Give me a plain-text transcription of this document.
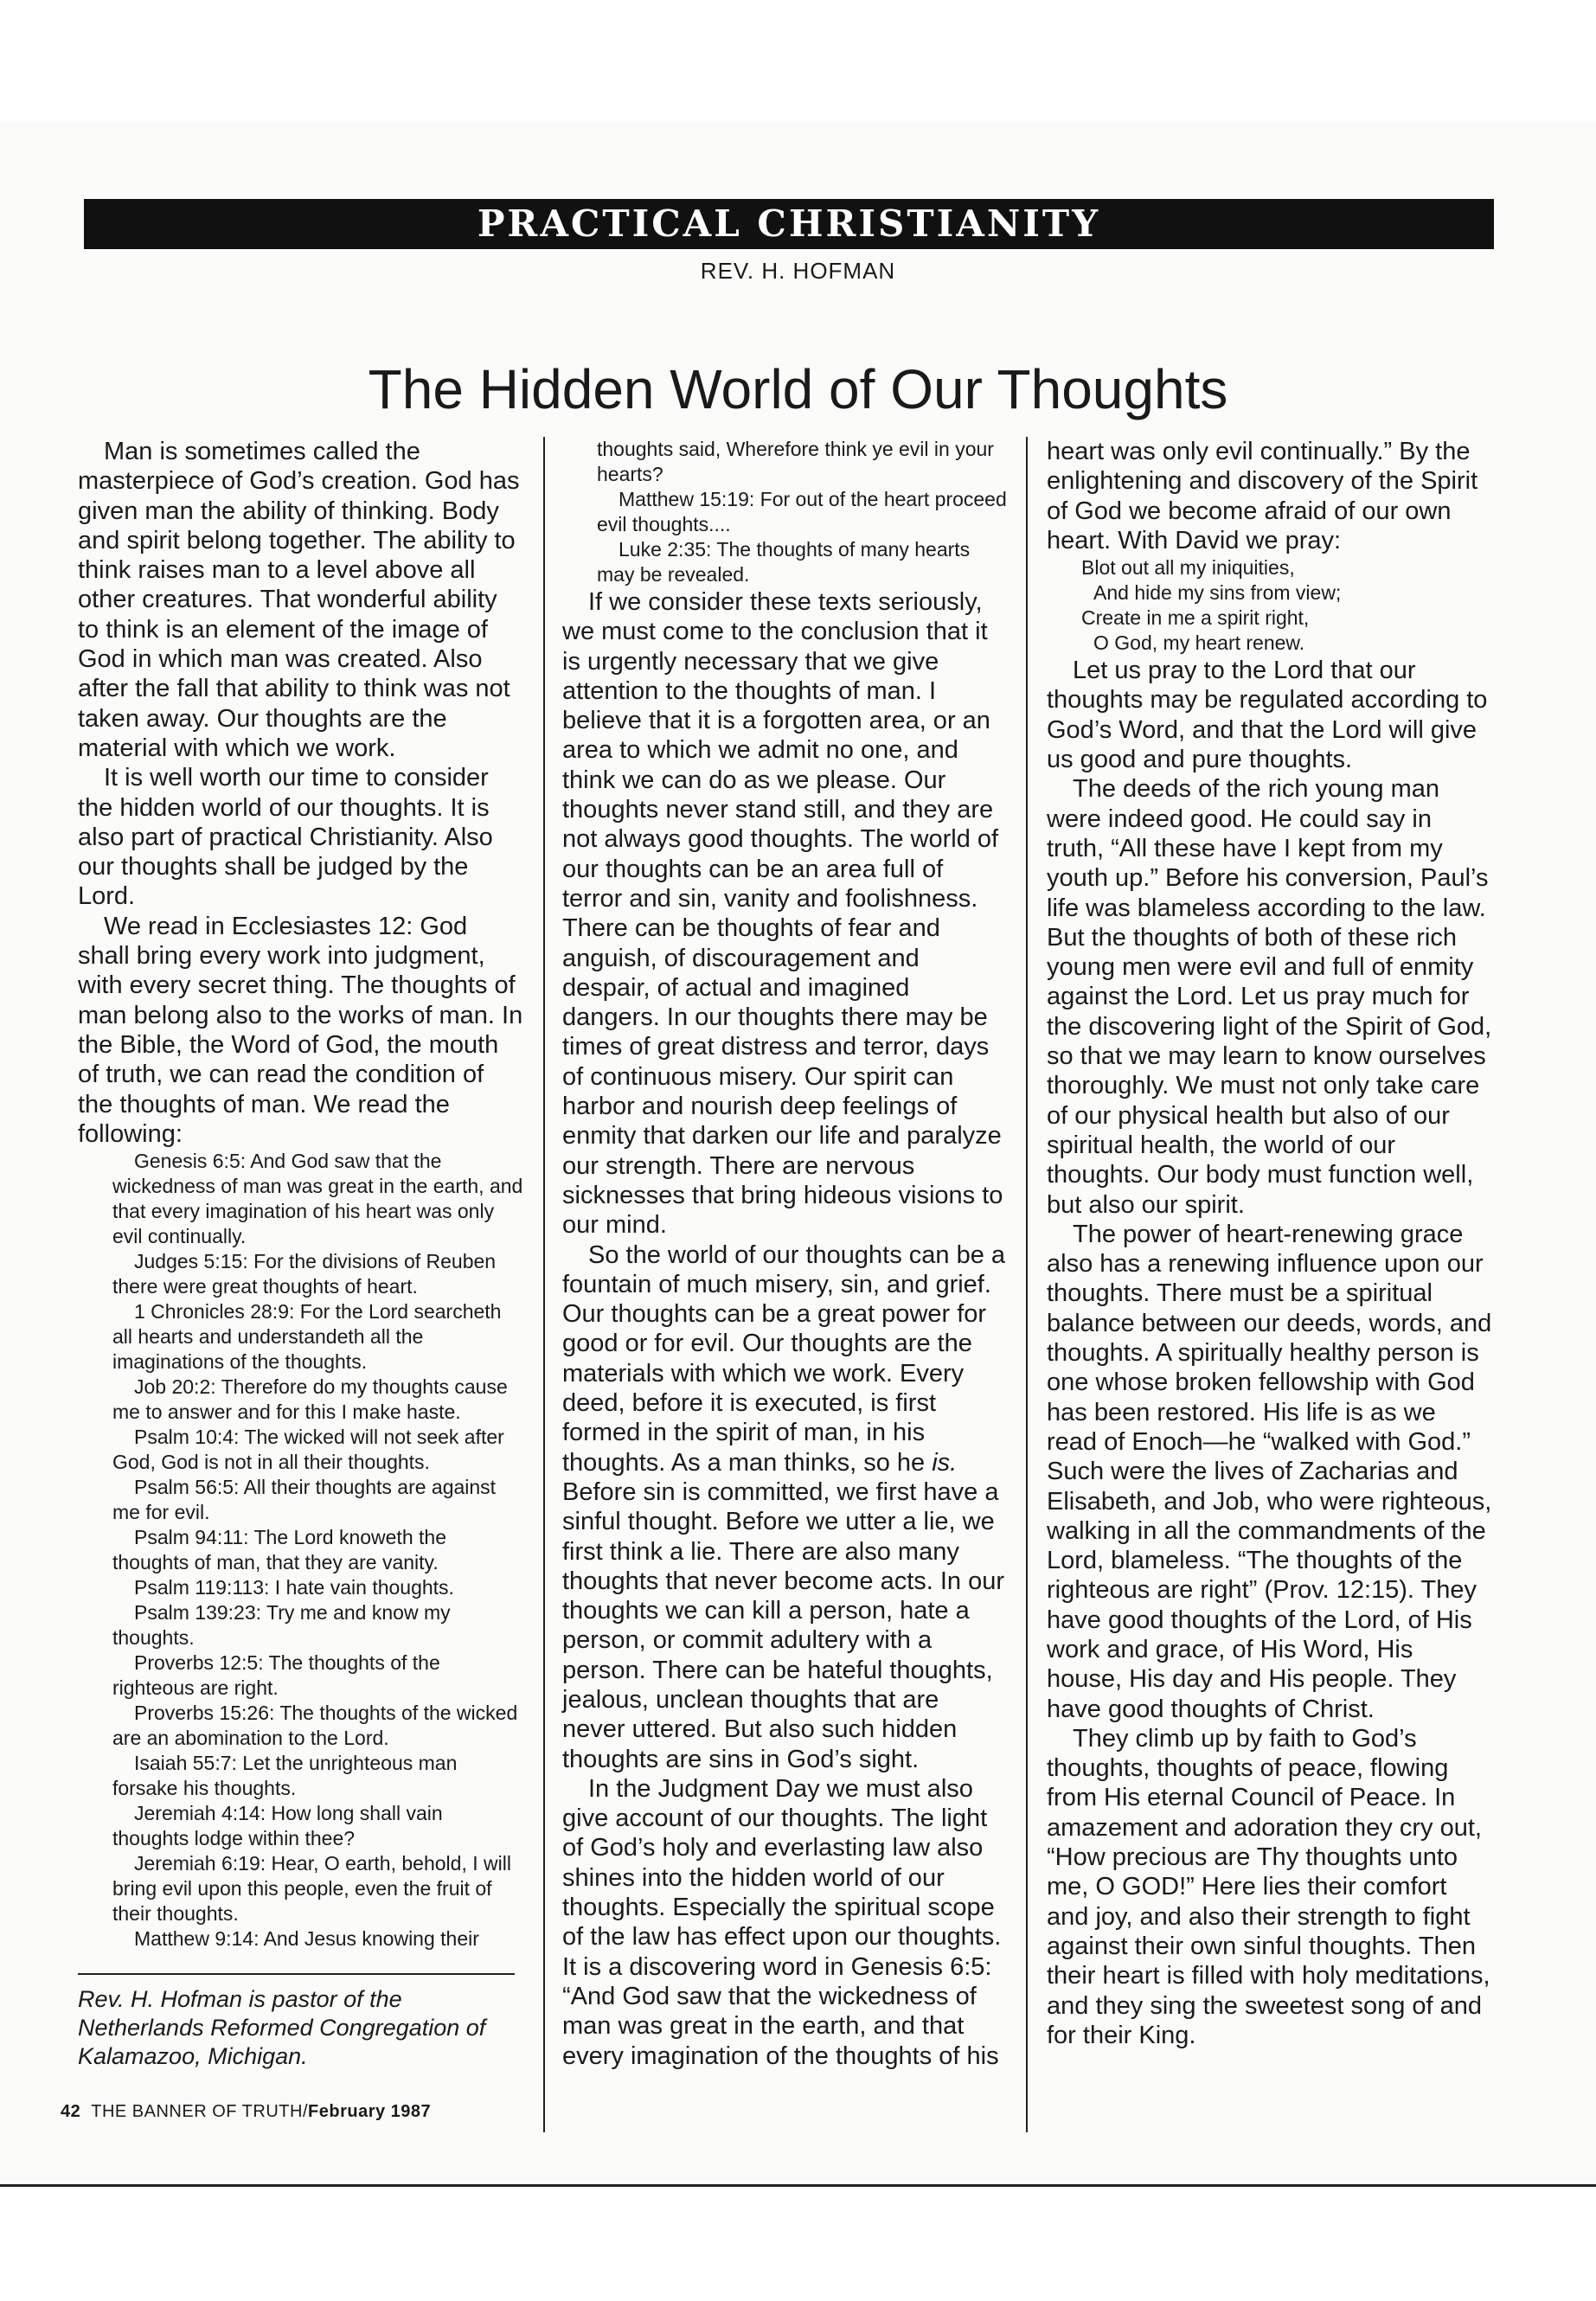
PRACTICAL CHRISTIANITY
REV. H. HOFMAN
The Hidden World of Our Thoughts

Man is sometimes called the masterpiece of God’s creation. God has given man the ability of thinking. Body and spirit belong together. The ability to think raises man to a level above all other creatures. That wonderful ability to think is an element of the image of God in which man was created. Also after the fall that ability to think was not taken away. Our thoughts are the material with which we work.

It is well worth our time to consider the hidden world of our thoughts. It is also part of practical Christianity. Also our thoughts shall be judged by the Lord.

We read in Ecclesiastes 12: God shall bring every work into judgment, with every secret thing. The thoughts of man belong also to the works of man. In the Bible, the Word of God, the mouth of truth, we can read the condition of the thoughts of man. We read the following:

Genesis 6:5: And God saw that the wickedness of man was great in the earth, and that every imagination of his heart was only evil continually.

Judges 5:15: For the divisions of Reuben there were great thoughts of heart.

1 Chronicles 28:9: For the Lord searcheth all hearts and understandeth all the imaginations of the thoughts.

Job 20:2: Therefore do my thoughts cause me to answer and for this I make haste.

Psalm 10:4: The wicked will not seek after God, God is not in all their thoughts.

Psalm 56:5: All their thoughts are against me for evil.

Psalm 94:11: The Lord knoweth the thoughts of man, that they are vanity.

Psalm 119:113: I hate vain thoughts.

Psalm 139:23: Try me and know my thoughts.

Proverbs 12:5: The thoughts of the righteous are right.

Proverbs 15:26: The thoughts of the wicked are an abomination to the Lord.

Isaiah 55:7: Let the unrighteous man forsake his thoughts.

Jeremiah 4:14: How long shall vain thoughts lodge within thee?

Jeremiah 6:19: Hear, O earth, behold, I will bring evil upon this people, even the fruit of their thoughts.

Matthew 9:14: And Jesus knowing their

Rev. H. Hofman is pastor of the Netherlands Reformed Congregation of Kalamazoo, Michigan.

thoughts said, Wherefore think ye evil in your hearts?

Matthew 15:19: For out of the heart proceed evil thoughts....

Luke 2:35: The thoughts of many hearts may be revealed.

If we consider these texts seriously, we must come to the conclusion that it is urgently necessary that we give attention to the thoughts of man. I believe that it is a forgotten area, or an area to which we admit no one, and think we can do as we please. Our thoughts never stand still, and they are not always good thoughts. The world of our thoughts can be an area full of terror and sin, vanity and foolishness. There can be thoughts of fear and anguish, of discouragement and despair, of actual and imagined dangers. In our thoughts there may be times of great distress and terror, days of continuous misery. Our spirit can harbor and nourish deep feelings of enmity that darken our life and paralyze our strength. There are nervous sicknesses that bring hideous visions to our mind.

So the world of our thoughts can be a fountain of much misery, sin, and grief. Our thoughts can be a great power for good or for evil. Our thoughts are the materials with which we work. Every deed, before it is executed, is first formed in the spirit of man, in his thoughts. As a man thinks, so he is. Before sin is committed, we first have a sinful thought. Before we utter a lie, we first think a lie. There are also many thoughts that never become acts. In our thoughts we can kill a person, hate a person, or commit adultery with a person. There can be hateful thoughts, jealous, unclean thoughts that are never uttered. But also such hidden thoughts are sins in God’s sight.

In the Judgment Day we must also give account of our thoughts. The light of God’s holy and everlasting law also shines into the hidden world of our thoughts. Especially the spiritual scope of the law has effect upon our thoughts. It is a discovering word in Genesis 6:5: “And God saw that the wickedness of man was great in the earth, and that every imagination of the thoughts of his

heart was only evil continually.” By the enlightening and discovery of the Spirit of God we become afraid of our own heart. With David we pray:

Blot out all my iniquities,
And hide my sins from view;
Create in me a spirit right,
O God, my heart renew.

Let us pray to the Lord that our thoughts may be regulated according to God’s Word, and that the Lord will give us good and pure thoughts.

The deeds of the rich young man were indeed good. He could say in truth, “All these have I kept from my youth up.” Before his conversion, Paul’s life was blameless according to the law. But the thoughts of both of these rich young men were evil and full of enmity against the Lord. Let us pray much for the discovering light of the Spirit of God, so that we may learn to know ourselves thoroughly. We must not only take care of our physical health but also of our spiritual health, the world of our thoughts. Our body must function well, but also our spirit.

The power of heart-renewing grace also has a renewing influence upon our thoughts. There must be a spiritual balance between our deeds, words, and thoughts. A spiritually healthy person is one whose broken fellowship with God has been restored. His life is as we read of Enoch—he “walked with God.” Such were the lives of Zacharias and Elisabeth, and Job, who were righteous, walking in all the commandments of the Lord, blameless. “The thoughts of the righteous are right” (Prov. 12:15). They have good thoughts of the Lord, of His work and grace, of His Word, His house, His day and His people. They have good thoughts of Christ.

They climb up by faith to God’s thoughts, thoughts of peace, flowing from His eternal Council of Peace. In amazement and adoration they cry out, “How precious are Thy thoughts unto me, O GOD!” Here lies their comfort and joy, and also their strength to fight against their own sinful thoughts. Then their heart is filled with holy meditations, and they sing the sweetest song of and for their King.

42 THE BANNER OF TRUTH/February 1987
